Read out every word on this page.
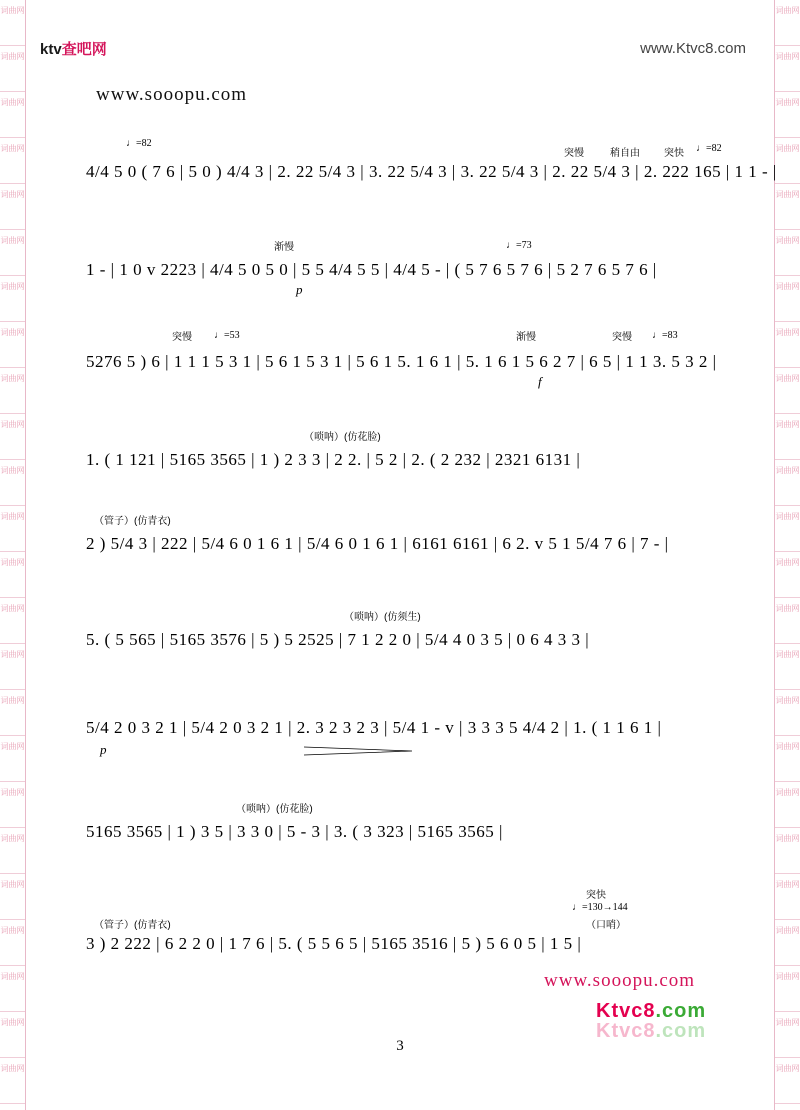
词曲网
词曲网
词曲网
词曲网
词曲网
词曲网
词曲网
词曲网
词曲网
词曲网
词曲网
词曲网
词曲网
词曲网
词曲网
词曲网
词曲网
词曲网
词曲网
词曲网
词曲网
词曲网
词曲网
词曲网
词曲网
词曲网
词曲网
词曲网
词曲网
词曲网
词曲网
词曲网
词曲网
词曲网
词曲网
词曲网
词曲网
词曲网
词曲网
词曲网
词曲网
词曲网
词曲网
词曲网
词曲网
词曲网
词曲网
词曲网
ktv查吧网	www.Ktvc8.com
www.sooopu.com
♩=82
突慢	稍自由 突快 ♩=82
4/4 5 0 ( 7 6 | 5 0 ) 4/4 3 | 2. 22 5/4 3 | 3. 22 5/4 3 | 3. 22 5/4 3 | 2. 22 5/4 3 | 2. 222 165 | 1 1 ‑ |
渐慢	♩=73
1 ‑ | 1 0 v 2223 | 4/4 5 0 5 0 | 5 5 4/4 5 5 | 4/4 5 ‑ | ( 5 7 6 5 7 6 | 5 2 7 6 5 7 6 |
p
突慢 ♩=53	渐慢	突慢 ♩=83
5276 5 ) 6 | 1 1 1 5 3 1 | 5 6 1 5 3 1 | 5 6 1 5. 1 6 1 | 5. 1 6 1 5 6 2 7 | 6 5 | 1 1 3. 5 3 2 |
f
（唢呐）(仿花脸)
1. ( 1 121 | 5165 3565 | 1 ) 2 3 3 | 2 2. | 5 2 | 2. ( 2 232 | 2321 6131 |
（管子）(仿青衣)
2 ) 5/4 3 | 222 | 5/4 6 0 1 6 1 | 5/4 6 0 1 6 1 | 6161 6161 | 6 2. v 5 1 5/4 7 6 | 7 ‑ |
（唢呐）(仿须生)
5. ( 5 565 | 5165 3576 | 5 ) 5 2525 | 7 1 2 2 0 | 5/4 4 0 3 5 | 0 6 4 3 3 |
5/4 2 0 3 2 1 | 5/4 2 0 3 2 1 | 2. 3 2 3 2 3 | 5/4 1 ‑ v | 3 3 3 5 4/4 2 | 1. ( 1 1 6 1 |
p
（唢呐）(仿花脸)
5165 3565 | 1 ) 3 5 | 3 3 0 | 5 ‑ 3 | 3. ( 3 323 | 5165 3565 |
突快
♩=130→144
（口哨）
（管子）(仿青衣)
3 ) 2 222 | 6 2 2 0 | 1 7 6 | 5. ( 5 5 6 5 | 5165 3516 | 5 ) 5 6 0 5 | 1 5 |
www.sooopu.com
Ktvc8.com
Ktvc8.com
3
